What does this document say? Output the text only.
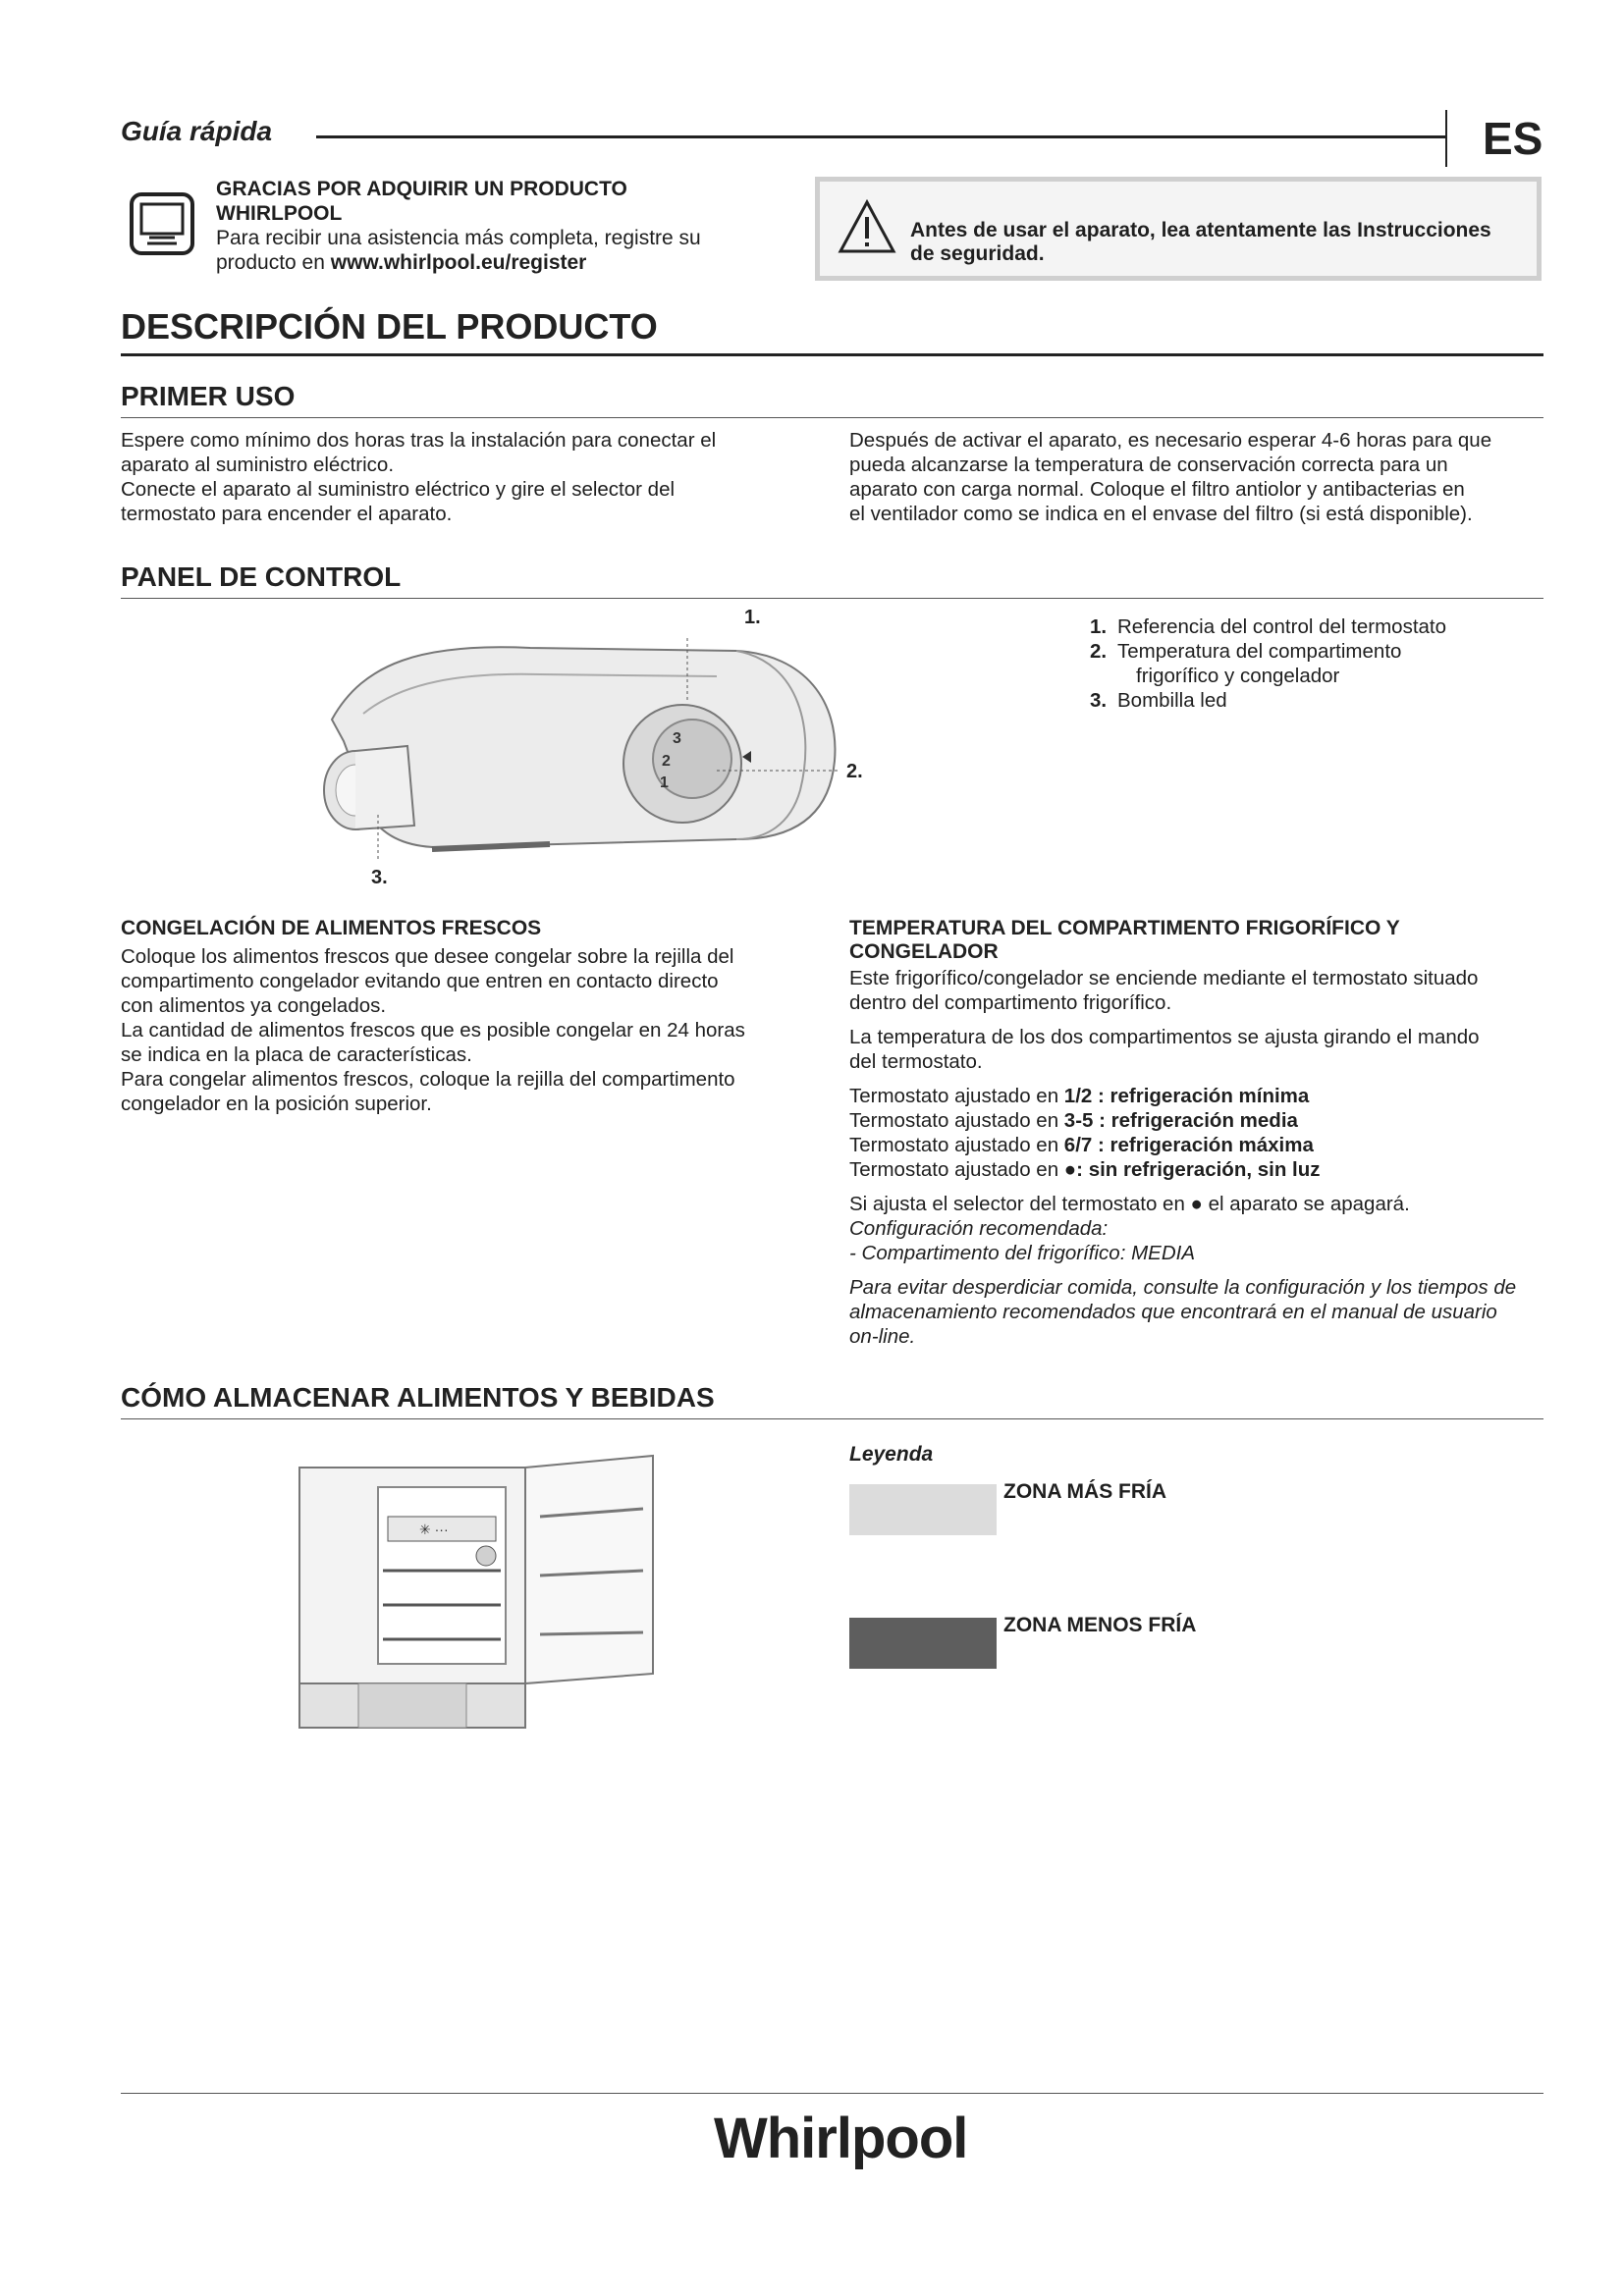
Guía rápida	ES
GRACIAS POR ADQUIRIR UN PRODUCTO
WHIRLPOOL
Para recibir una asistencia más completa, registre su
producto en www.whirlpool.eu/register
Antes de usar el aparato, lea atentamente las Instrucciones
de seguridad.
DESCRIPCIÓN DEL PRODUCTO
PRIMER USO

Espere como mínimo dos horas tras la instalación para conectar el

aparato al suministro eléctrico.

Conecte el aparato al suministro eléctrico y gire el selector del

termostato para encender el aparato.

Después de activar el aparato, es necesario esperar 4-6 horas para que

pueda alcanzarse la temperatura de conservación correcta para un

aparato con carga normal. Coloque el filtro antiolor y antibacterias en

el ventilador como se indica en el envase del filtro (si está disponible).

PANEL DE CONTROL
1
2
3
1.
2.
3.
1. Referencia del control del termostato
2. Temperatura del compartimento
frigorífico y congelador
3. Bombilla led
CONGELACIÓN DE ALIMENTOS FRESCOS

Coloque los alimentos frescos que desee congelar sobre la rejilla del

compartimento congelador evitando que entren en contacto directo

con alimentos ya congelados.

La cantidad de alimentos frescos que es posible congelar en 24 horas

se indica en la placa de características.

Para congelar alimentos frescos, coloque la rejilla del compartimento

congelador en la posición superior.

TEMPERATURA DEL COMPARTIMENTO FRIGORÍFICO Y
CONGELADOR

Este frigorífico/congelador se enciende mediante el termostato situado

dentro del compartimento frigorífico.

La temperatura de los dos compartimentos se ajusta girando el mando

del termostato.

Termostato ajustado en 1/2 : refrigeración mínima

Termostato ajustado en 3-5 : refrigeración media

Termostato ajustado en 6/7 : refrigeración máxima

Termostato ajustado en ●: sin refrigeración, sin luz

Si ajusta el selector del termostato en ● el aparato se apagará.

Configuración recomendada:

- Compartimento del frigorífico: MEDIA

Para evitar desperdiciar comida, consulte la configuración y los tiempos de

almacenamiento recomendados que encontrará en el manual de usuario

on-line.

CÓMO ALMACENAR ALIMENTOS Y BEBIDAS
✳ ···
Leyenda
ZONA MÁS FRÍA
ZONA MENOS FRÍA
Whirlpool
